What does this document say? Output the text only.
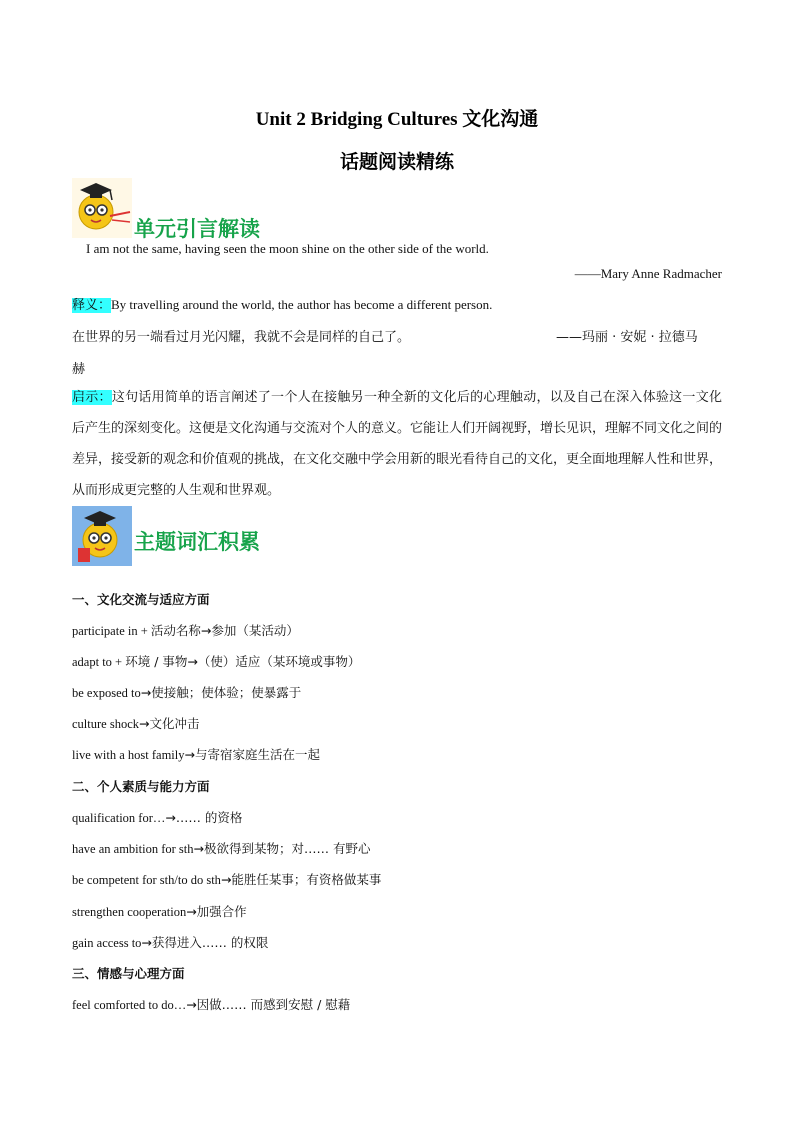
Unit 2 Bridging Cultures 文化沟通
话题阅读精练
单元引言解读
I am not the same, having seen the moon shine on the other side of the world.
——Mary Anne Radmacher
释义：By travelling around the world, the author has become a different person.
在世界的另一端看过月光闪耀，我就不会是同样的自己了。	——玛丽 · 安妮 · 拉德马
赫
启示：这句话用简单的语言阐述了一个人在接触另一种全新的文化后的心理触动，以及自己在深入体验这一文化后产生的深刻变化。这便是文化沟通与交流对个人的意义。它能让人们开阔视野，增长见识，理解不同文化之间的差异，接受新的观念和价值观的挑战，在文化交融中学会用新的眼光看待自己的文化，更全面地理解人性和世界，从而形成更完整的人生观和世界观。
主题词汇积累
一、文化交流与适应方面
participate in + 活动名称→参加（某活动）
adapt to + 环境 / 事物→（使）适应（某环境或事物）
be exposed to→使接触；使体验；使暴露于
culture shock→文化冲击
live with a host family→与寄宿家庭生活在一起
二、个人素质与能力方面
qualification for…→…… 的资格
have an ambition for sth→极欲得到某物；对…… 有野心
be competent for sth/to do sth→能胜任某事；有资格做某事
strengthen cooperation→加强合作
gain access to→获得进入…… 的权限
三、情感与心理方面
feel comforted to do…→因做…… 而感到安慰 / 慰藉
